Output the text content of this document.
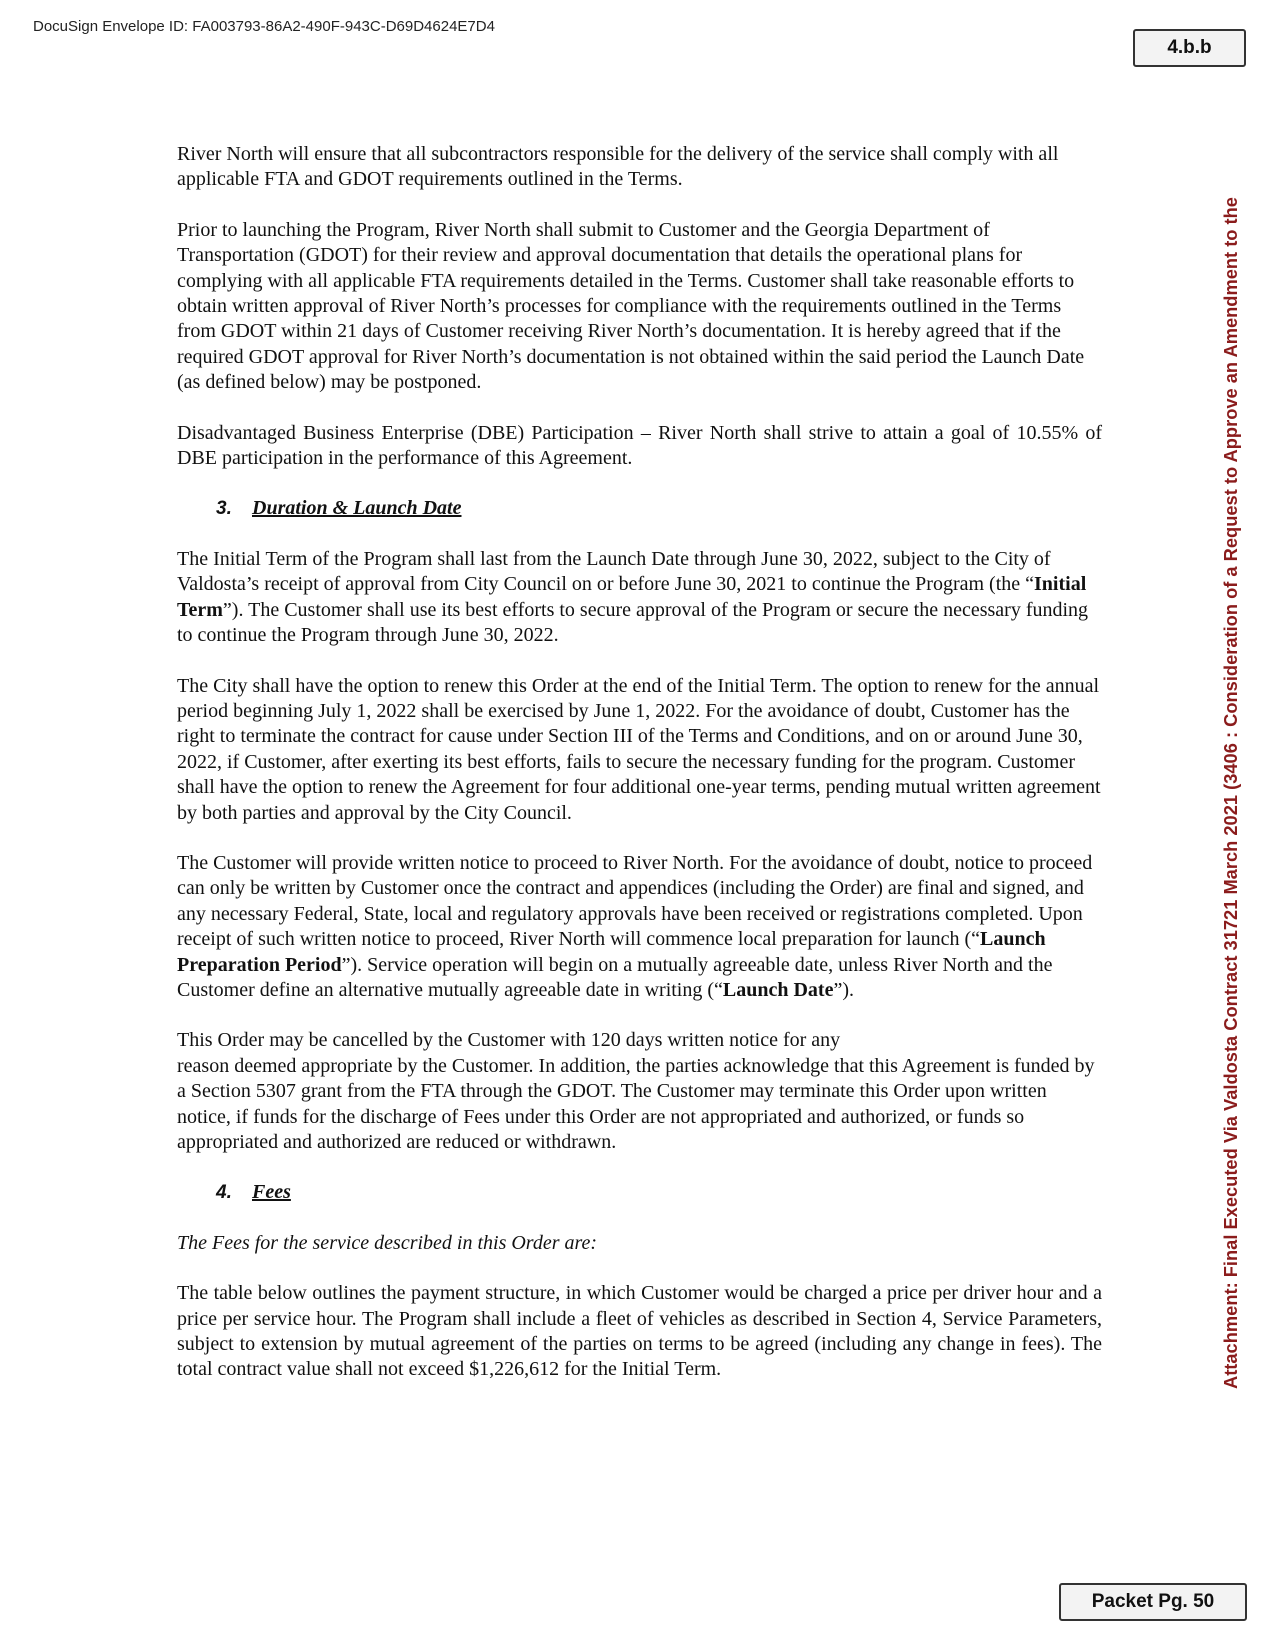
DocuSign Envelope ID: FA003793-86A2-490F-943C-D69D4624E7D4
4.b.b
Attachment: Final Executed Via Valdosta Contract 31721 March 2021 (3406 : Consideration of a Request to Approve an Amendment to the

River North will ensure that all subcontractors responsible for the delivery of the service shall comply with all applicable FTA and GDOT requirements outlined in the Terms.

Prior to launching the Program, River North shall submit to Customer and the Georgia Department of Transportation (GDOT) for their review and approval documentation that details the operational plans for complying with all applicable FTA requirements detailed in the Terms. Customer shall take reasonable efforts to obtain written approval of River North’s processes for compliance with the requirements outlined in the Terms from GDOT within 21 days of Customer receiving River North’s documentation. It is hereby agreed that if the required GDOT approval for River North’s documentation is not obtained within the said period the Launch Date (as defined below) may be postponed.

Disadvantaged Business Enterprise (DBE) Participation – River North shall strive to attain a goal of 10.55% of DBE participation in the performance of this Agreement.

3. Duration & Launch Date

The Initial Term of the Program shall last from the Launch Date through June 30, 2022, subject to the City of Valdosta’s receipt of approval from City Council on or before June 30, 2021 to continue the Program (the “Initial Term”). The Customer shall use its best efforts to secure approval of the Program or secure the necessary funding to continue the Program through June 30, 2022.

The City shall have the option to renew this Order at the end of the Initial Term. The option to renew for the annual period beginning July 1, 2022 shall be exercised by June 1, 2022. For the avoidance of doubt, Customer has the right to terminate the contract for cause under Section III of the Terms and Conditions, and on or around June 30, 2022, if Customer, after exerting its best efforts, fails to secure the necessary funding for the program. Customer shall have the option to renew the Agreement for four additional one-year terms, pending mutual written agreement by both parties and approval by the City Council.

The Customer will provide written notice to proceed to River North. For the avoidance of doubt, notice to proceed can only be written by Customer once the contract and appendices (including the Order) are final and signed, and any necessary Federal, State, local and regulatory approvals have been received or registrations completed. Upon receipt of such written notice to proceed, River North will commence local preparation for launch (“Launch Preparation Period”). Service operation will begin on a mutually agreeable date, unless River North and the Customer define an alternative mutually agreeable date in writing (“Launch Date”).

This Order may be cancelled by the Customer with 120 days written notice for any
reason deemed appropriate by the Customer. In addition, the parties acknowledge that this Agreement is funded by a Section 5307 grant from the FTA through the GDOT. The Customer may terminate this Order upon written notice, if funds for the discharge of Fees under this Order are not appropriated and authorized, or funds so appropriated and authorized are reduced or withdrawn.

4. Fees

The Fees for the service described in this Order are:

The table below outlines the payment structure, in which Customer would be charged a price per driver hour and a price per service hour. The Program shall include a fleet of vehicles as described in Section 4, Service Parameters, subject to extension by mutual agreement of the parties on terms to be agreed (including any change in fees). The total contract value shall not exceed $1,226,612 for the Initial Term.

Packet Pg. 50
